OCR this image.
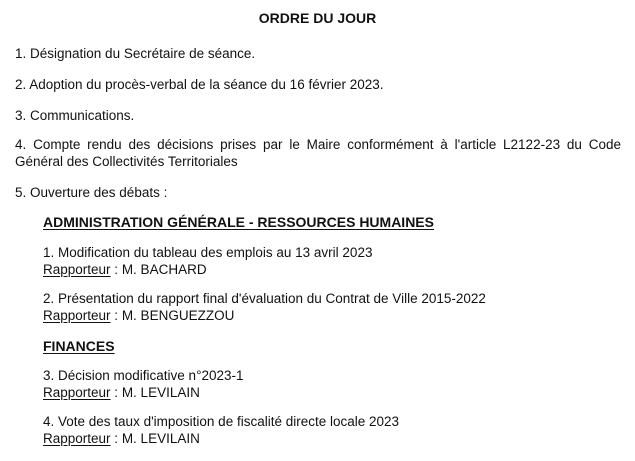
ORDRE DU JOUR
1. Désignation du Secrétaire de séance.
2. Adoption du procès-verbal de la séance du 16 février 2023.
3. Communications.
4. Compte rendu des décisions prises par le Maire conformément à l'article L2122-23 du Code Général des Collectivités Territoriales
5. Ouverture des débats :
ADMINISTRATION GÉNÉRALE - RESSOURCES HUMAINES
1. Modification du tableau des emplois au 13 avril 2023
Rapporteur : M. BACHARD
2. Présentation du rapport final d'évaluation du Contrat de Ville 2015-2022
Rapporteur : M. BENGUEZZOU
FINANCES
3. Décision modificative n°2023-1
Rapporteur : M. LEVILAIN
4. Vote des taux d'imposition de fiscalité directe locale 2023
Rapporteur : M. LEVILAIN
